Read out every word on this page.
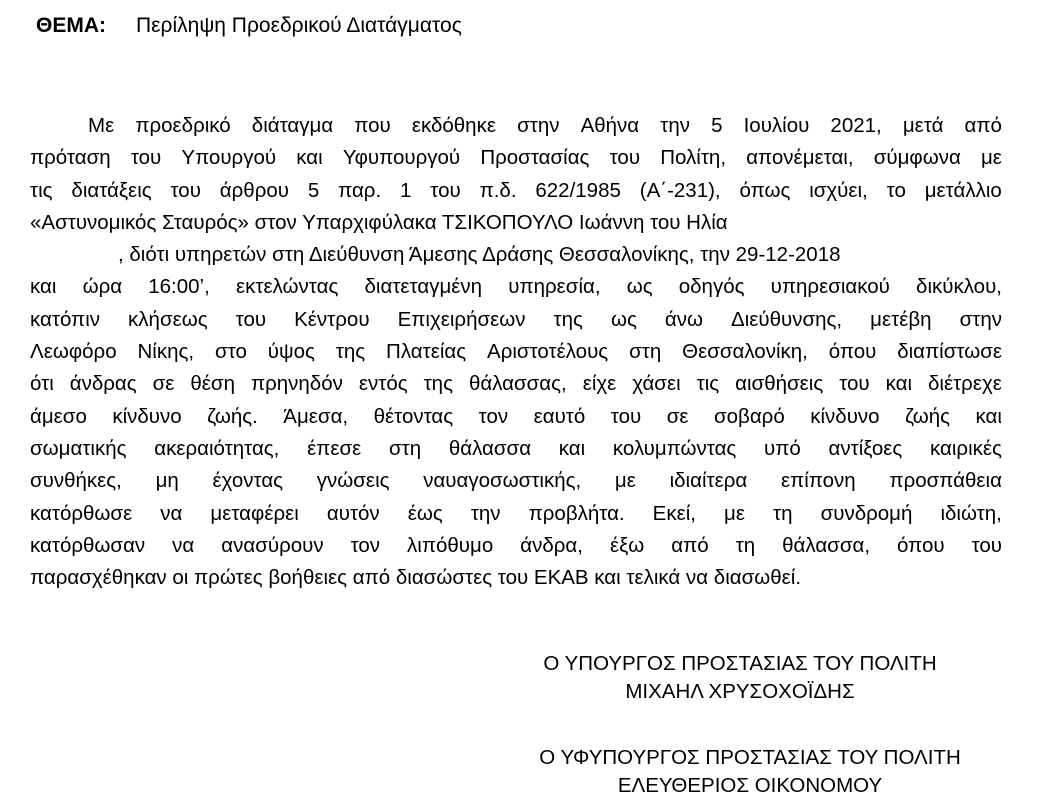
ΘΕΜΑ: Περίληψη Προεδρικού Διατάγματος
Με προεδρικό διάταγμα που εκδόθηκε στην Αθήνα την 5 Ιουλίου 2021, μετά από
πρόταση του Υπουργού και Υφυπουργού Προστασίας του Πολίτη, απονέμεται, σύμφωνα με
τις διατάξεις του άρθρου 5 παρ. 1 του π.δ. 622/1985 (Α΄-231), όπως ισχύει, το μετάλλιο
«Αστυνομικός Σταυρός» στον Υπαρχιφύλακα ΤΣΙΚΟΠΟΥΛΟ Ιωάννη του Ηλία
, διότι υπηρετών στη Διεύθυνση Άμεσης Δράσης Θεσσαλονίκης, την 29-12-2018
και ώρα 16:00’, εκτελώντας διατεταγμένη υπηρεσία, ως οδηγός υπηρεσιακού δικύκλου,
κατόπιν κλήσεως του Κέντρου Επιχειρήσεων της ως άνω Διεύθυνσης, μετέβη στην
Λεωφόρο Νίκης, στο ύψος της Πλατείας Αριστοτέλους στη Θεσσαλονίκη, όπου διαπίστωσε
ότι άνδρας σε θέση πρηνηδόν εντός της θάλασσας, είχε χάσει τις αισθήσεις του και διέτρεχε
άμεσο κίνδυνο ζωής. Άμεσα, θέτοντας τον εαυτό του σε σοβαρό κίνδυνο ζωής και
σωματικής ακεραιότητας, έπεσε στη θάλασσα και κολυμπώντας υπό αντίξοες καιρικές
συνθήκες, μη έχοντας γνώσεις ναυαγοσωστικής, με ιδιαίτερα επίπονη προσπάθεια
κατόρθωσε να μεταφέρει αυτόν έως την προβλήτα. Εκεί, με τη συνδρομή ιδιώτη,
κατόρθωσαν να ανασύρουν τον λιπόθυμο άνδρα, έξω από τη θάλασσα, όπου του
παρασχέθηκαν οι πρώτες βοήθειες από διασώστες του ΕΚΑΒ και τελικά να διασωθεί.
Ο ΥΠΟΥΡΓΟΣ ΠΡΟΣΤΑΣΙΑΣ ΤΟΥ ΠΟΛΙΤΗ
ΜΙΧΑΗΛ ΧΡΥΣΟΧΟΪΔΗΣ
Ο ΥΦΥΠΟΥΡΓΟΣ ΠΡΟΣΤΑΣΙΑΣ ΤΟΥ ΠΟΛΙΤΗ
ΕΛΕΥΘΕΡΙΟΣ ΟΙΚΟΝΟΜΟΥ
